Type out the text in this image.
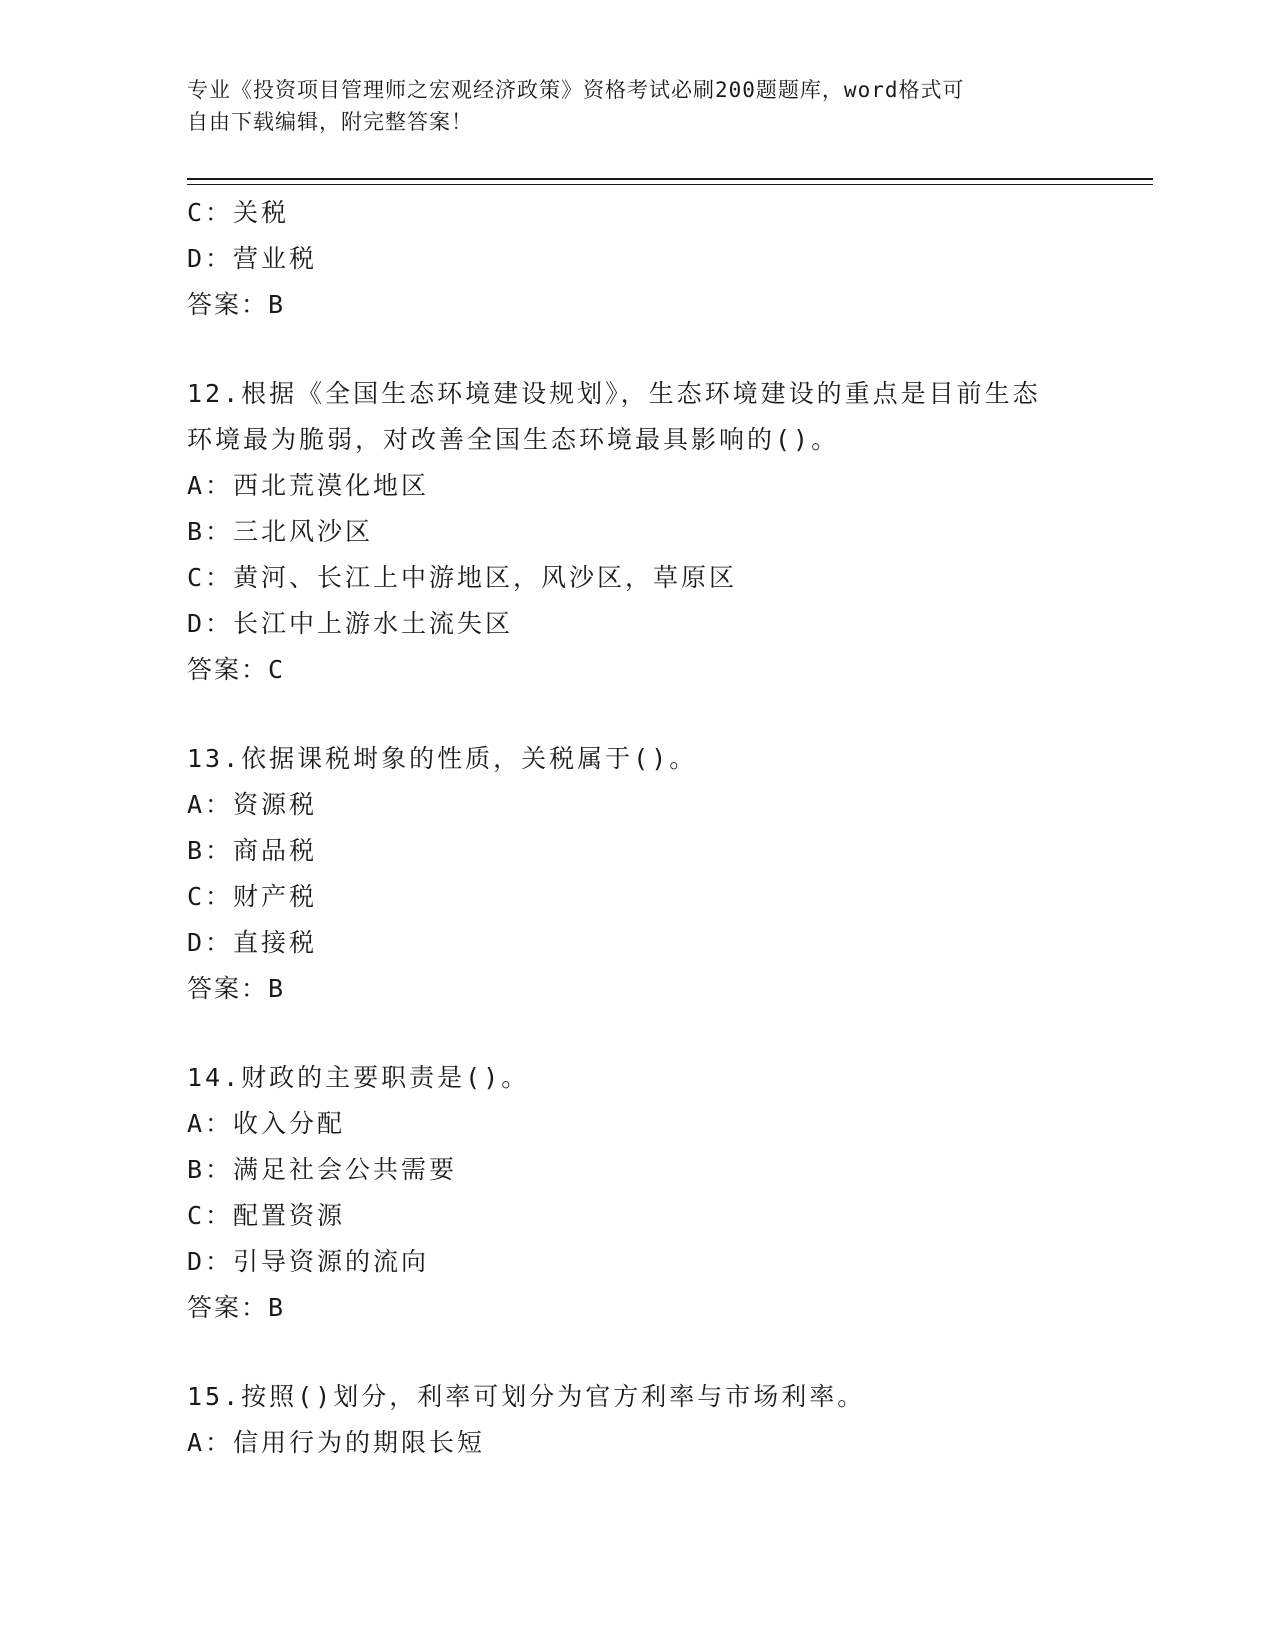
专业《投资项目管理师之宏观经济政策》资格考试必刷200题题库，word格式可
自由下载编辑，附完整答案！
C：关税
D：营业税
答案：B
12.根据《全国生态环境建设规划》，生态环境建设的重点是目前生态
环境最为脆弱，对改善全国生态环境最具影响的()。
A：西北荒漠化地区
B：三北风沙区
C：黄河、长江上中游地区，风沙区，草原区
D：长江中上游水土流失区
答案：C
13.依据课税埘象的性质，关税属于()。
A：资源税
B：商品税
C：财产税
D：直接税
答案：B
14.财政的主要职责是()。
A：收入分配
B：满足社会公共需要
C：配置资源
D：引导资源的流向
答案：B
15.按照()划分，利率可划分为官方利率与市场利率。
A：信用行为的期限长短
